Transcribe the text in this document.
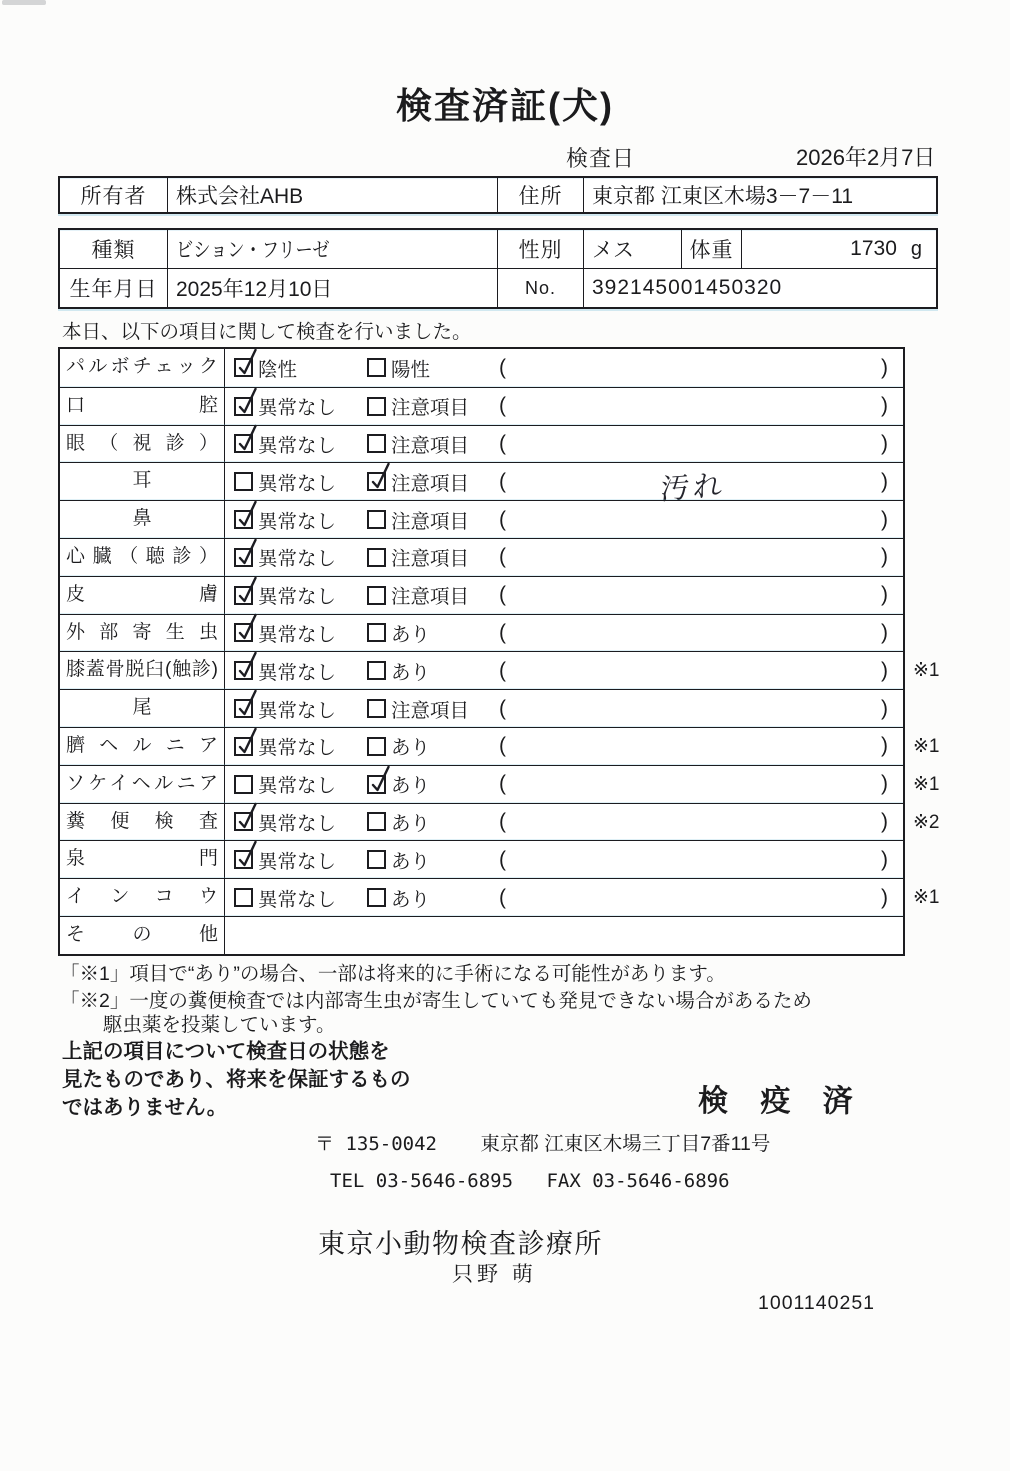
検査済証(犬)
検査日	2026年2月7日
所有者	株式会社AHB	住所	東京都 江東区木場3－7－11
種類	ビション・フリーゼ	性別	メス	体重	1730 g
生年月日 2025年12月10日	No.	392145001450320
本日、以下の項目に関して検査を行いました。
パルボチェック	陰性	陽性	(	)
口腔	異常なし	注意項目 (	)
眼（視診）	異常なし	注意項目 (	)
耳	異常なし	注意項目 (	汚れ	)
鼻	異常なし	注意項目 (	)
心臓（聴診）	異常なし	注意項目 (	)
皮膚	異常なし	注意項目 (	)
外部寄生虫	異常なし	あり	(	)
膝蓋骨脱臼(触診)	異常なし	あり	(	) ※1
尾	異常なし	注意項目 (	)
臍ヘルニア	異常なし	あり	(	) ※1
ソケイヘルニア	異常なし	あり	(	) ※1
糞便検査	異常なし	あり	(	) ※2
泉門	異常なし	あり	(	)
インコウ	異常なし	あり	(	) ※1
その他
「※1」項目で“あり”の場合、一部は将来的に手術になる可能性があります。
「※2」一度の糞便検査では内部寄生虫が寄生していても発見できない場合があるため
駆虫薬を投薬しています。
上記の項目について検査日の状態を
見たものであり、将来を保証するもの
ではありません。	検 疫 済
〒 135-0042 東京都 江東区木場三丁目7番11号
TEL 03-5646-6895 FAX 03-5646-6896
東京小動物検査診療所
只野 萌
1001140251
